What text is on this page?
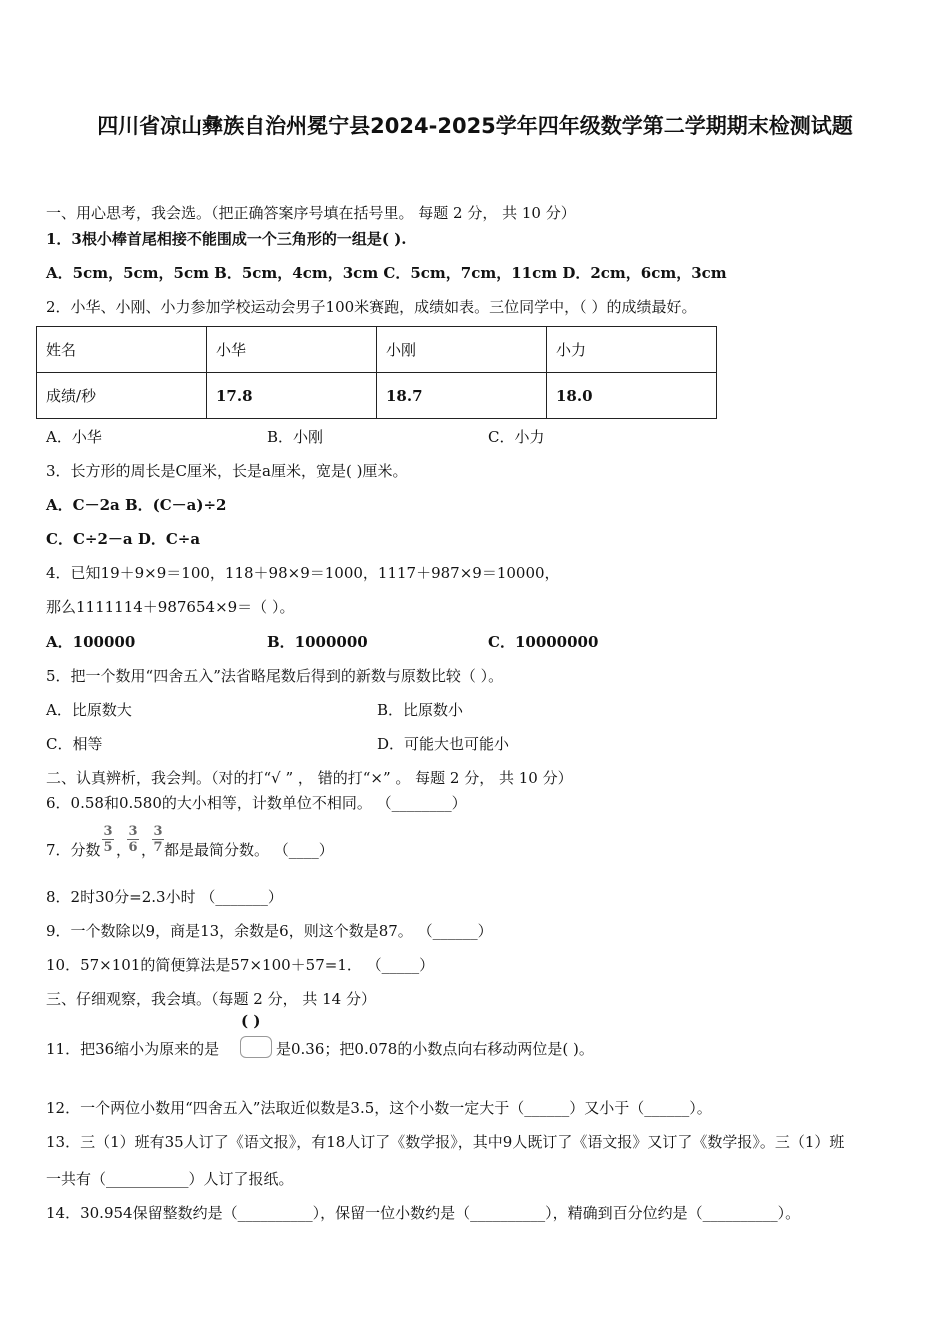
四川省凉山彝族自治州冕宁县2024-2025学年四年级数学第二学期期末检测试题
一、用心思考，我会选。（把正确答案序号填在括号里。 每题 2 分， 共 10 分）
1．3根小棒首尾相接不能围成一个三角形的一组是( ).
A．5cm，5cm，5cm B．5cm，4cm，3cm C．5cm，7cm，11cm D．2cm，6cm，3cm
2．小华、小刚、小力参加学校运动会男子100米赛跑，成绩如表。三位同学中，（ ）的成绩最好。
姓名	小华	小刚	小力
成绩/秒	17.8	18.7	18.0
A．小华	B．小刚	C．小力
3．长方形的周长是C厘米，长是a厘米，宽是( )厘米。
A．C－2a B．(C－a)÷2
C．C÷2－a D．C÷a
4．已知19＋9×9＝100，118＋98×9＝1000，1117＋987×9＝10000，
那么1111114＋987654×9＝（ ）。
A．100000	B．1000000	C．10000000
5．把一个数用“四舍五入”法省略尾数后得到的新数与原数比较（ ）。
A．比原数大	B．比原数小
C．相等	D．可能大也可能小
二、认真辨析，我会判。（对的打“√ ” ， 错的打“×” 。 每题 2 分， 共 10 分）
6．0.58和0.580的大小相等，计数单位不相同。 （________）
7．分数 $\frac{3}{5}$ ，
$\frac{3}{6}$ ，
$\frac{3}{7}$ 都是最简分数。 （____）
8．2时30分=2.3小时 （_______）
9．一个数除以9，商是13，余数是6，则这个数是87。 （______）
10．57×101的简便算法是57×100＋57=1． （_____）
三、仔细观察，我会填。（每题 2 分， 共 14 分）
( )
11．把36缩小为原来的是	是0.36；把0.078的小数点向右移动两位是( )。
12．一个两位小数用“四舍五入”法取近似数是3.5，这个小数一定大于（______）又小于（______）。
13．三（1）班有35人订了《语文报》，有18人订了《数学报》，其中9人既订了《语文报》又订了《数学报》。三（1）班
一共有（___________）人订了报纸。
14．30.954保留整数约是（__________），保留一位小数约是（__________），精确到百分位约是（__________）。
